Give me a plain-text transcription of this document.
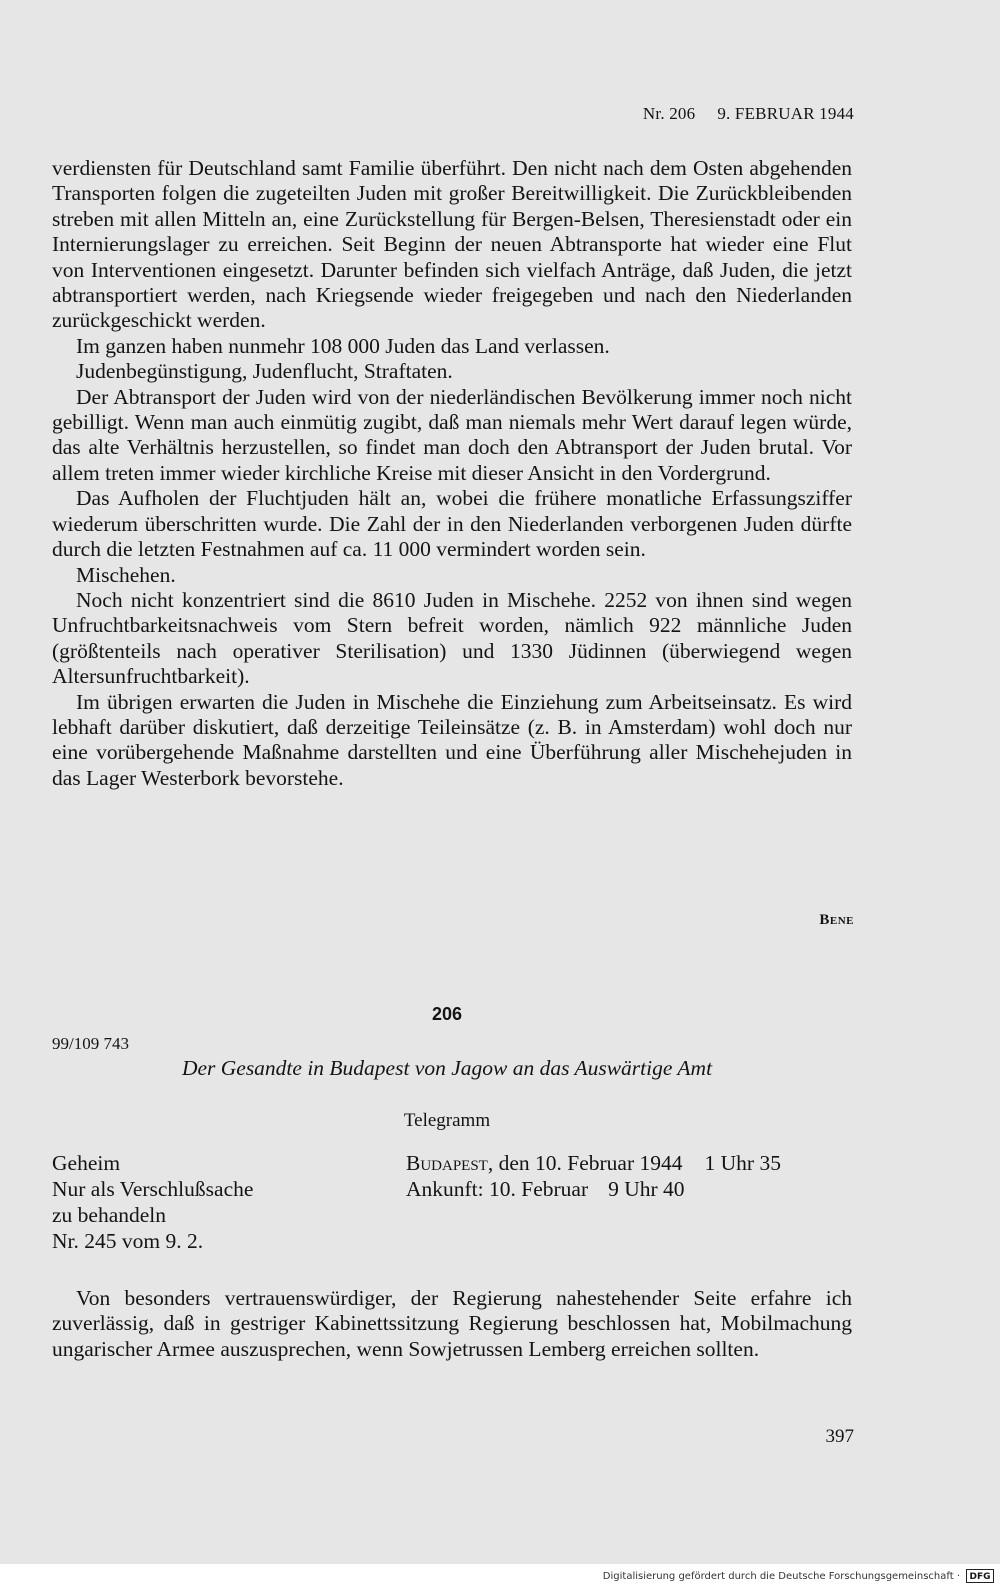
Nr. 206 9. FEBRUAR 1944

verdiensten für Deutschland samt Familie überführt. Den nicht nach dem Osten abgehenden Transporten folgen die zugeteilten Juden mit großer Bereitwilligkeit. Die Zurückbleibenden streben mit allen Mitteln an, eine Zurückstellung für Bergen-Belsen, Theresienstadt oder ein Internierungslager zu erreichen. Seit Beginn der neuen Abtransporte hat wieder eine Flut von Interventionen eingesetzt. Darunter befinden sich vielfach Anträge, daß Juden, die jetzt abtransportiert werden, nach Kriegsende wieder freigegeben und nach den Niederlanden zurückgeschickt werden.

Im ganzen haben nunmehr 108 000 Juden das Land verlassen.

Judenbegünstigung, Judenflucht, Straftaten.

Der Abtransport der Juden wird von der niederländischen Bevölkerung immer noch nicht gebilligt. Wenn man auch einmütig zugibt, daß man niemals mehr Wert darauf legen würde, das alte Verhältnis herzustellen, so findet man doch den Abtransport der Juden brutal. Vor allem treten immer wieder kirchliche Kreise mit dieser Ansicht in den Vordergrund.

Das Aufholen der Fluchtjuden hält an, wobei die frühere monatliche Erfassungsziffer wiederum überschritten wurde. Die Zahl der in den Niederlanden verborgenen Juden dürfte durch die letzten Festnahmen auf ca. 11 000 vermindert worden sein.

Mischehen.

Noch nicht konzentriert sind die 8610 Juden in Mischehe. 2252 von ihnen sind wegen Unfruchtbarkeitsnachweis vom Stern befreit worden, nämlich 922 männliche Juden (größtenteils nach operativer Sterilisation) und 1330 Jüdinnen (überwiegend wegen Altersunfruchtbarkeit).

Im übrigen erwarten die Juden in Mischehe die Einziehung zum Arbeitseinsatz. Es wird lebhaft darüber diskutiert, daß derzeitige Teileinsätze (z. B. in Amsterdam) wohl doch nur eine vorübergehende Maßnahme darstellten und eine Überführung aller Mischehejuden in das Lager Westerbork bevorstehe.

Bene
206
99/109 743
Der Gesandte in Budapest von Jagow an das Auswärtige Amt
Telegramm
Geheim
Nur als Verschlußsache
zu behandeln
Nr. 245 vom 9. 2.
Budapest, den 10. Februar 1944 1 Uhr 35
Ankunft: 10. Februar 9 Uhr 40

Von besonders vertrauenswürdiger, der Regierung nahestehender Seite erfahre ich zuverlässig, daß in gestriger Kabinettssitzung Regierung beschlossen hat, Mobilmachung ungarischer Armee auszusprechen, wenn Sowjetrussen Lemberg erreichen sollten.

397
Digitalisierung gefördert durch die Deutsche Forschungsgemeinschaft ·	DFG
